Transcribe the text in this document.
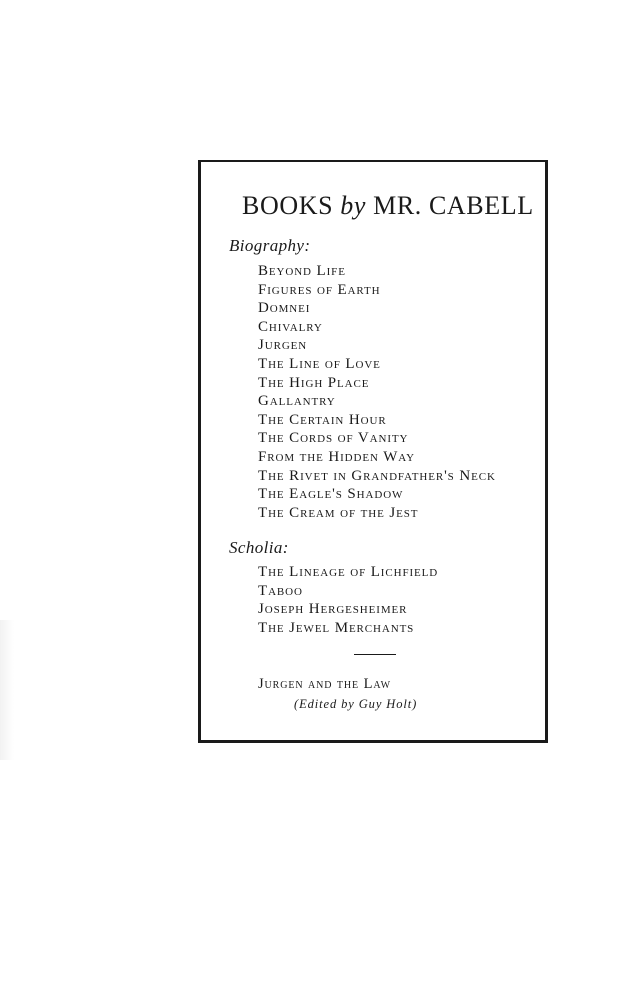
BOOKS by MR. CABELL

Biography:

Beyond Life
Figures of Earth
Domnei
Chivalry
Jurgen
The Line of Love
The High Place
Gallantry
The Certain Hour
The Cords of Vanity
From the Hidden Way
The Rivet in Grandfather's Neck
The Eagle's Shadow
The Cream of the Jest

Scholia:

The Lineage of Lichfield
Taboo
Joseph Hergesheimer
The Jewel Merchants
Jurgen and the Law
(Edited by Guy Holt)
